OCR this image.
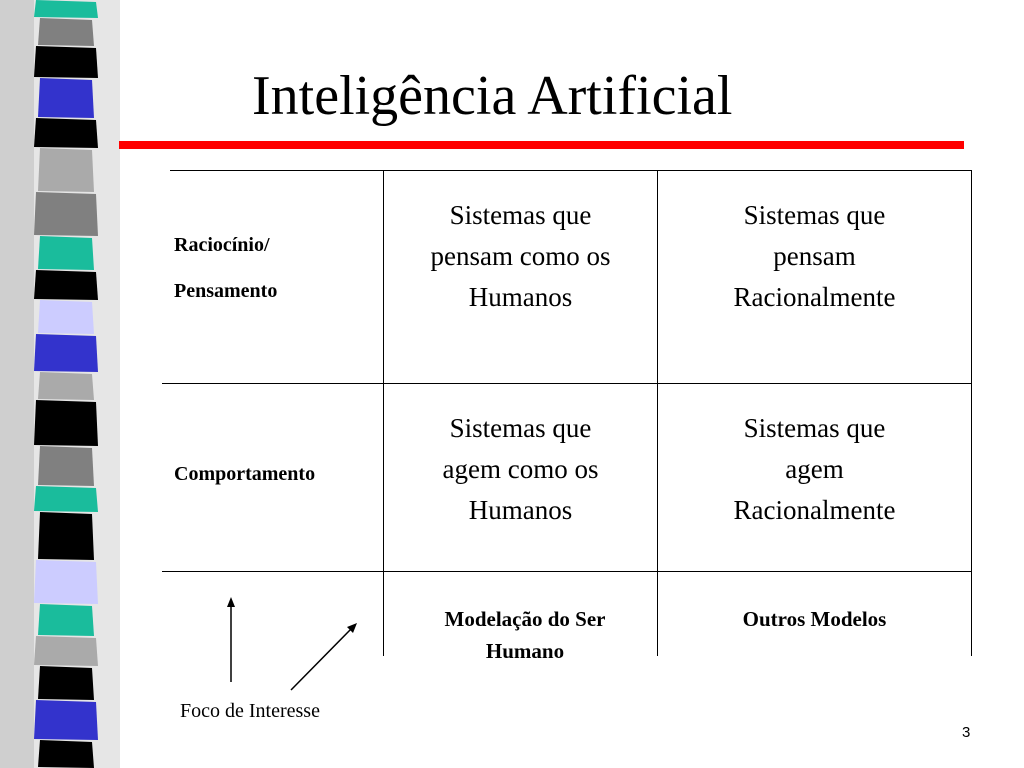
Inteligência Artificial
Raciocínio/
Pensamento
Comportamento
Sistemas que
pensam como os
Humanos
Sistemas que
pensam
Racionalmente
Sistemas que
agem como os
Humanos
Sistemas que
agem
Racionalmente
Modelação do Ser
Humano
Outros Modelos
Foco de Interesse
3
